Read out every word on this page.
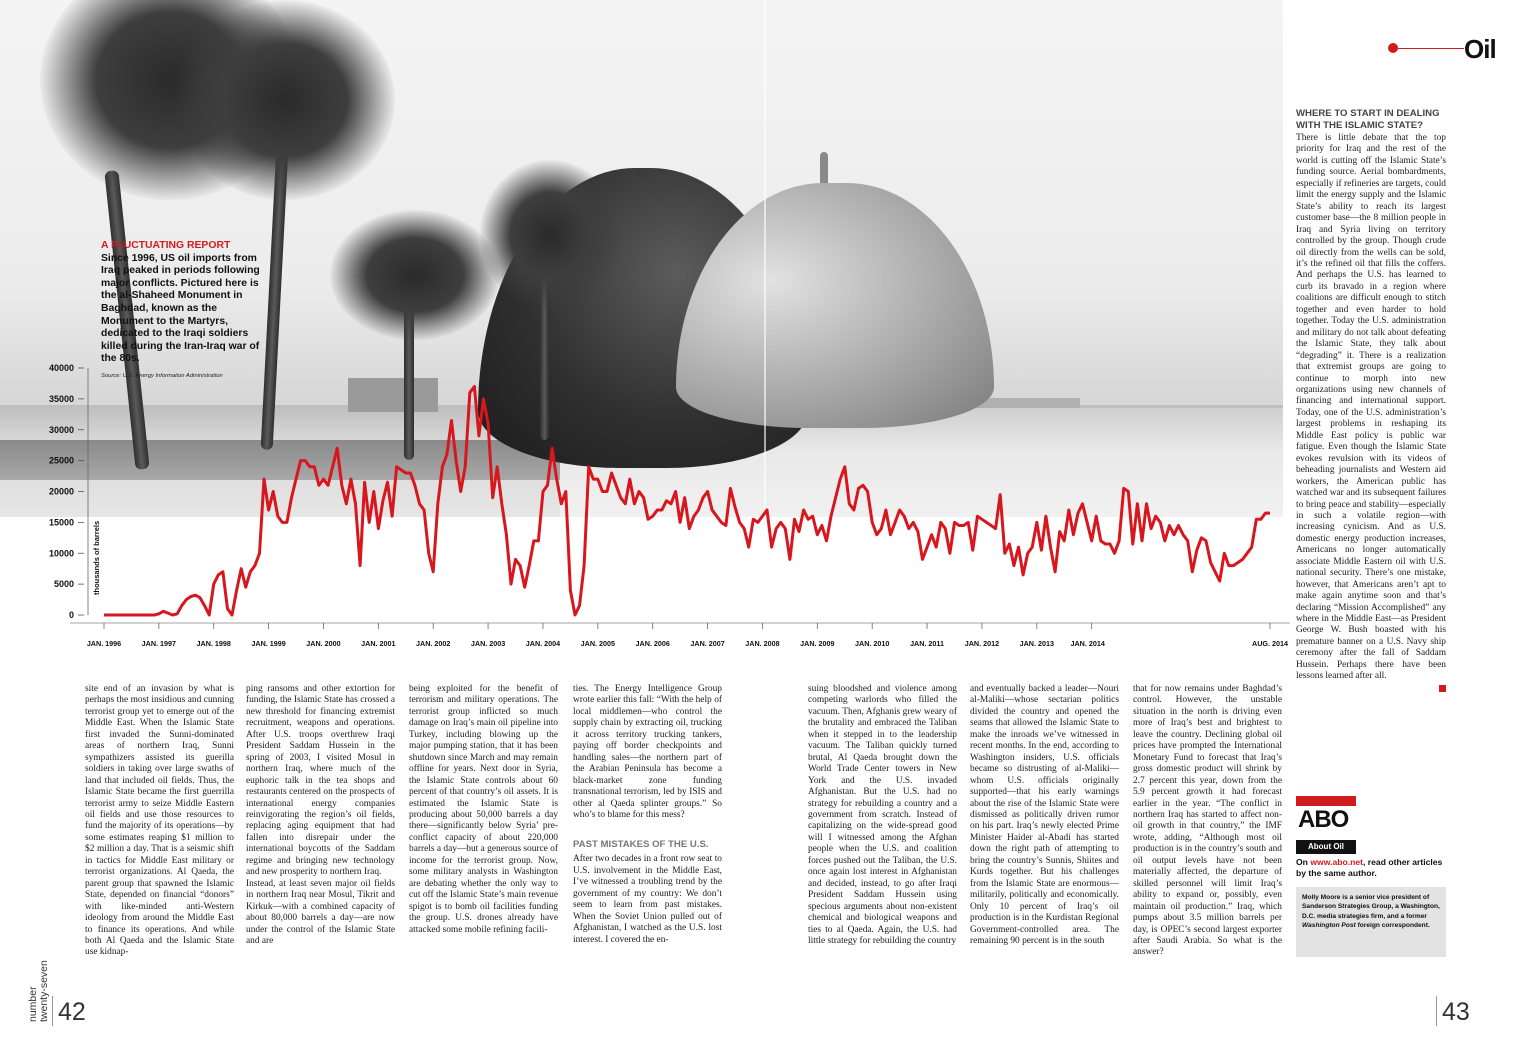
A FLUCTUATING REPORT
Since 1996, US oil imports from Iraq peaked in periods following major conflicts. Pictured here is the al-Shaheed Monument in Baghdad, known as the Monument to the Martyrs, dedicated to the Iraqi soldiers killed during the Iran-Iraq war of the 80s.
Source: U.S. Energy Information Administration
40000
35000
30000
25000
20000
15000
10000
5000
0
JAN. 1996	JAN. 1997	JAN. 1998	JAN. 1999	JAN. 2000	JAN. 2001	JAN. 2002	JAN. 2003	JAN. 2004	JAN. 2005	JAN. 2006	JAN. 2007	JAN. 2008	JAN. 2009	JAN. 2010	JAN. 2011	JAN. 2012	JAN. 2013 JAN. 2014	AUG. 2014
thousands of barrels
Oil
WHERE TO START IN DEALING WITH THE ISLAMIC STATE?
There is little debate that the top priority for Iraq and the rest of the world is cutting off the Islamic State’s funding source. Aerial bombardments, especially if refineries are targets, could limit the energy supply and the Islamic State’s ability to reach its largest customer base—the 8 million people in Iraq and Syria living on territory controlled by the group. Though crude oil directly from the wells can be sold, it’s the refined oil that fills the coffers. And perhaps the U.S. has learned to curb its bravado in a region where coalitions are difficult enough to stitch together and even harder to hold together. Today the U.S. administration and military do not talk about defeating the Islamic State, they talk about “degrading” it. There is a realization that extremist groups are going to continue to morph into new organizations using new channels of financing and international support. Today, one of the U.S. administration’s largest problems in reshaping its Middle East policy is public war fatigue. Even though the Islamic State evokes revulsion with its videos of beheading journalists and Western aid workers, the American public has watched war and its subsequent failures to bring peace and stability—especially in such a volatile region—with increasing cynicism. And as U.S. domestic energy production increases, Americans no longer automatically associate Middle Eastern oil with U.S. national security. There’s one mistake, however, that Americans aren’t apt to make again anytime soon and that’s declaring “Mission Accomplished” any where in the Middle East—as President George W. Bush boasted with his premature banner on a U.S. Navy ship ceremony after the fall of Saddam Hussein. Perhaps there have been lessons learned after all.
site end of an invasion by what is perhaps the most insidious and cunning terrorist group yet to emerge out of the Middle East. When the Islamic State first invaded the Sunni-dominated areas of northern Iraq, Sunni sympathizers assisted its guerilla soldiers in taking over large swaths of land that included oil fields. Thus, the Islamic State became the first guerrilla terrorist army to seize Middle Eastern oil fields and use those resources to fund the majority of its operations—by some estimates reaping $1 million to $2 million a day. That is a seismic shift in tactics for Middle East military or terrorist organizations. Al Qaeda, the parent group that spawned the Islamic State, depended on financial “donors” with like-minded anti-Western ideology from around the Middle East to finance its operations. And while both Al Qaeda and the Islamic State use kidnap-
ping ransoms and other extortion for funding, the Islamic State has crossed a new threshold for financing extremist recruitment, weapons and operations. After U.S. troops overthrew Iraqi President Saddam Hussein in the spring of 2003, I visited Mosul in northern Iraq, where much of the euphoric talk in the tea shops and restaurants centered on the prospects of international energy companies reinvigorating the region’s oil fields, replacing aging equipment that had fallen into disrepair under the international boycotts of the Saddam regime and bringing new technology and new prosperity to northern Iraq.
Instead, at least seven major oil fields in northern Iraq near Mosul, Tikrit and Kirkuk—with a combined capacity of about 80,000 barrels a day—are now under the control of the Islamic State and are
being exploited for the benefit of terrorism and military operations. The terrorist group inflicted so much damage on Iraq’s main oil pipeline into Turkey, including blowing up the major pumping station, that it has been shutdown since March and may remain offline for years. Next door in Syria, the Islamic State controls about 60 percent of that country’s oil assets. It is estimated the Islamic State is producing about 50,000 barrels a day there—significantly below Syria’ pre-conflict capacity of about 220,000 barrels a day—but a generous source of income for the terrorist group. Now, some military analysts in Washington are debating whether the only way to cut off the Islamic State’s main revenue spigot is to bomb oil facilities funding the group. U.S. drones already have attacked some mobile refining facili-
ties. The Energy Intelligence Group wrote earlier this fall: “With the help of local middlemen—who control the supply chain by extracting oil, trucking it across territory trucking tankers, paying off border checkpoints and handling sales—the northern part of the Arabian Peninsula has become a black-market zone funding transnational terrorism, led by ISIS and other al Qaeda splinter groups.” So who’s to blame for this mess?
PAST MISTAKES OF THE U.S.
After two decades in a front row seat to U.S. involvement in the Middle East, I’ve witnessed a troubling trend by the government of my country: We don’t seem to learn from past mistakes. When the Soviet Union pulled out of Afghanistan, I watched as the U.S. lost interest. I covered the en-
suing bloodshed and violence among competing warlords who filled the vacuum. Then, Afghanis grew weary of the brutality and embraced the Taliban when it stepped in to the leadership vacuum. The Taliban quickly turned brutal, Al Qaeda brought down the World Trade Center towers in New York and the U.S. invaded Afghanistan. But the U.S. had no strategy for rebuilding a country and a government from scratch. Instead of capitalizing on the wide-spread good will I witnessed among the Afghan people when the U.S. and coalition forces pushed out the Taliban, the U.S. once again lost interest in Afghanistan and decided, instead, to go after Iraqi President Saddam Hussein using specious arguments about non-existent chemical and biological weapons and ties to al Qaeda. Again, the U.S. had little strategy for rebuilding the country
and eventually backed a leader—Nouri al-Maliki—whose sectarian politics divided the country and opened the seams that allowed the Islamic State to make the inroads we’ve witnessed in recent months. In the end, according to Washington insiders, U.S. officials became so distrusting of al-Maliki—whom U.S. officials originally supported—that his early warnings about the rise of the Islamic State were dismissed as politically driven rumor on his part. Iraq’s newly elected Prime Minister Haider al-Abadi has started down the right path of attempting to bring the country’s Sunnis, Shiites and Kurds together. But his challenges from the Islamic State are enormous—militarily, politically and economically. Only 10 percent of Iraq’s oil production is in the Kurdistan Regional Government-controlled area. The remaining 90 percent is in the south
that for now remains under Baghdad’s control. However, the unstable situation in the north is driving even more of Iraq’s best and brightest to leave the country. Declining global oil prices have prompted the International Monetary Fund to forecast that Iraq’s gross domestic product will shrink by 2.7 percent this year, down from the 5.9 percent growth it had forecast earlier in the year. “The conflict in northern Iraq has started to affect non-oil growth in that country,” the IMF wrote, adding, “Although most oil production is in the country’s south and oil output levels have not been materially affected, the departure of skilled personnel will limit Iraq’s ability to expand or, possibly, even maintain oil production.” Iraq, which pumps about 3.5 million barrels per day, is OPEC’s second largest exporter after Saudi Arabia. So what is the answer?
ABO
About Oil
On www.abo.net, read other articles by the same author.
Molly Moore is a senior vice president of Sanderson Strategies Group, a Washington, D.C. media strategies firm, and a former Washington Post foreign correspondent.
number
twenty-seven 42	43
